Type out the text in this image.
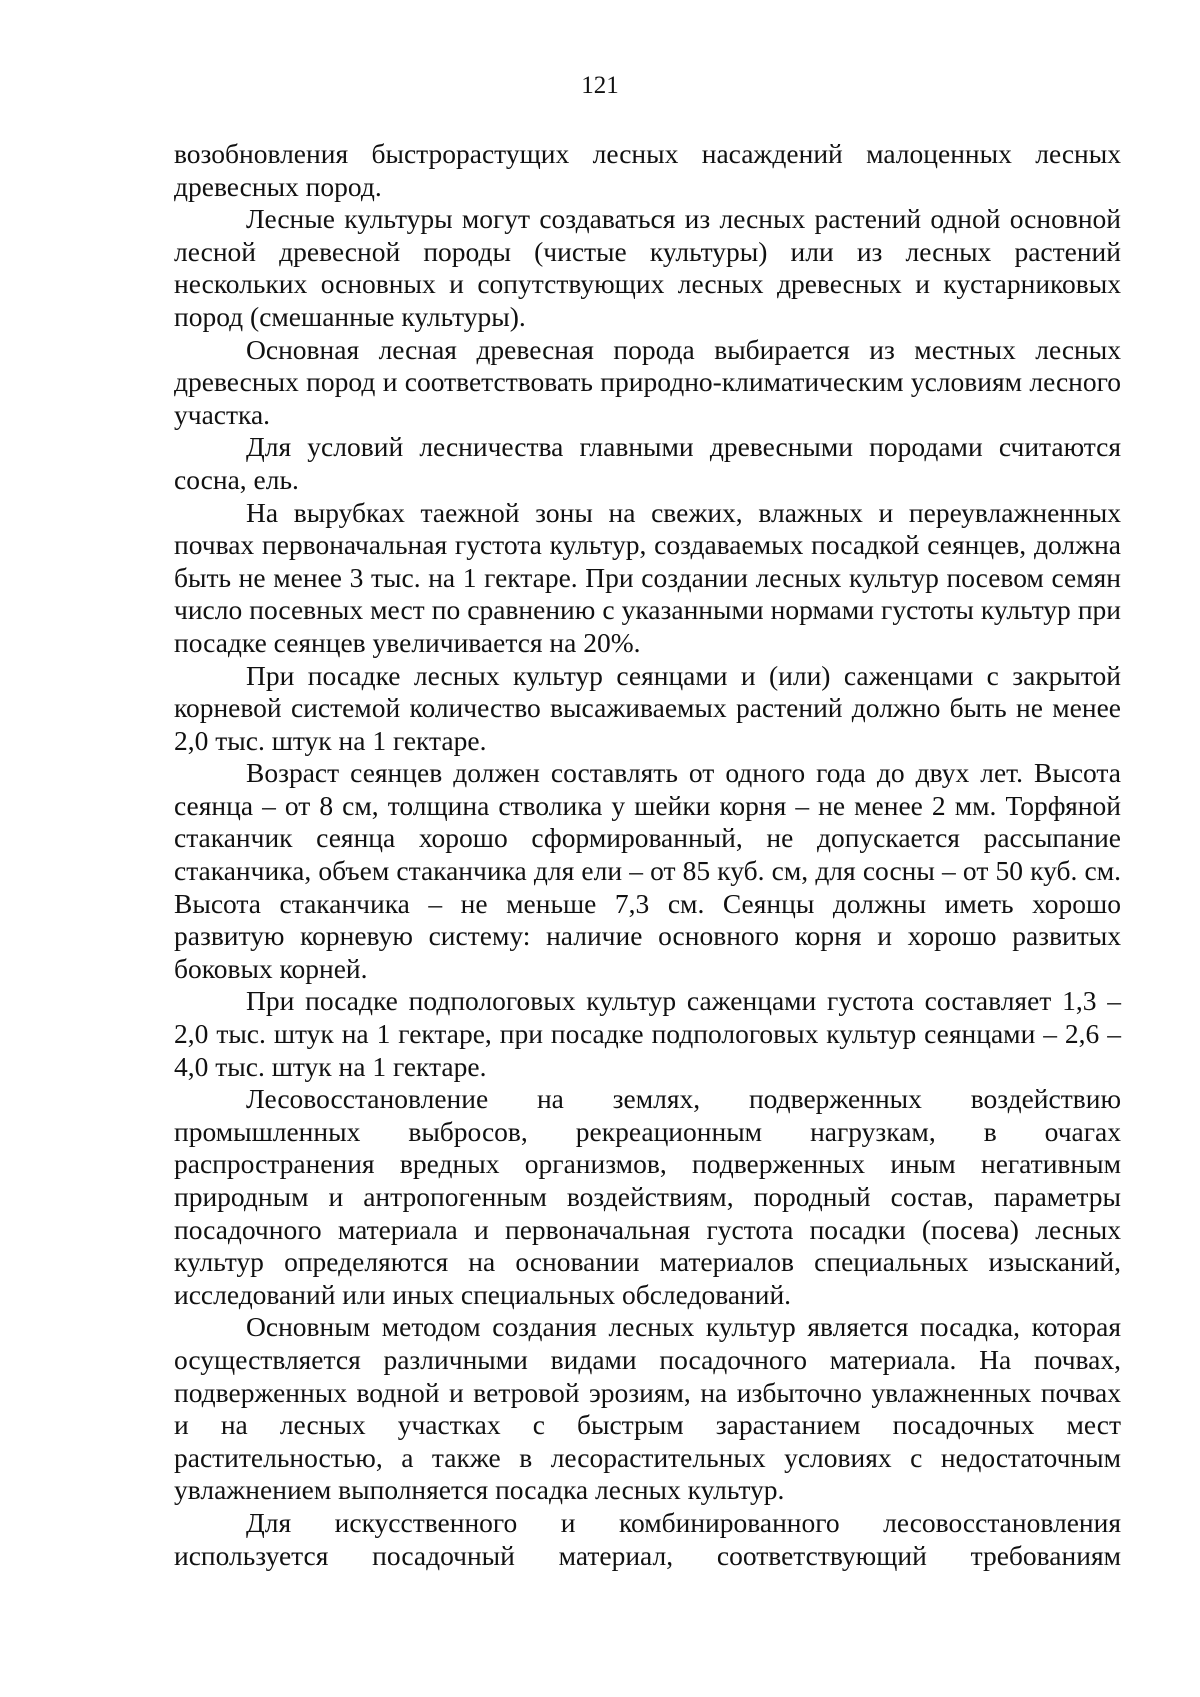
121

возобновления быстрорастущих лесных насаждений малоценных лесных древесных пород.

Лесные культуры могут создаваться из лесных растений одной основной лесной древесной породы (чистые культуры) или из лесных растений нескольких основных и сопутствующих лесных древесных и кустарниковых пород (смешанные культуры).

Основная лесная древесная порода выбирается из местных лесных древесных пород и соответствовать природно-климатическим условиям лесного участка.

Для условий лесничества главными древесными породами считаются сосна, ель.

На вырубках таежной зоны на свежих, влажных и переувлажненных почвах первоначальная густота культур, создаваемых посадкой сеянцев, должна быть не менее 3 тыс. на 1 гектаре. При создании лесных культур посевом семян число посевных мест по сравнению с указанными нормами густоты культур при посадке сеянцев увеличивается на 20%.

При посадке лесных культур сеянцами и (или) саженцами с закрытой корневой системой количество высаживаемых растений должно быть не менее 2,0 тыс. штук на 1 гектаре.

Возраст сеянцев должен составлять от одного года до двух лет. Высота сеянца – от 8 см, толщина стволика у шейки корня – не менее 2 мм. Торфяной стаканчик сеянца хорошо сформированный, не допускается рассыпание стаканчика, объем стаканчика для ели – от 85 куб. см, для сосны – от 50 куб. см. Высота стаканчика – не меньше 7,3 см. Сеянцы должны иметь хорошо развитую корневую систему: наличие основного корня и хорошо развитых боковых корней.

При посадке подпологовых культур саженцами густота составляет 1,3 – 2,0 тыс. штук на 1 гектаре, при посадке подпологовых культур сеянцами – 2,6 – 4,0 тыс. штук на 1 гектаре.

Лесовосстановление на землях, подверженных воздействию промышленных выбросов, рекреационным нагрузкам, в очагах распространения вредных организмов, подверженных иным негативным природным и антропогенным воздействиям, породный состав, параметры посадочного материала и первоначальная густота посадки (посева) лесных культур определяются на основании материалов специальных изысканий, исследований или иных специальных обследований.

Основным методом создания лесных культур является посадка, которая осуществляется различными видами посадочного материала. На почвах, подверженных водной и ветровой эрозиям, на избыточно увлажненных почвах и на лесных участках с быстрым зарастанием посадочных мест растительностью, а также в лесорастительных условиях с недостаточным увлажнением выполняется посадка лесных культур.

Для искусственного и комбинированного лесовосстановления используется посадочный материал, соответствующий требованиям
